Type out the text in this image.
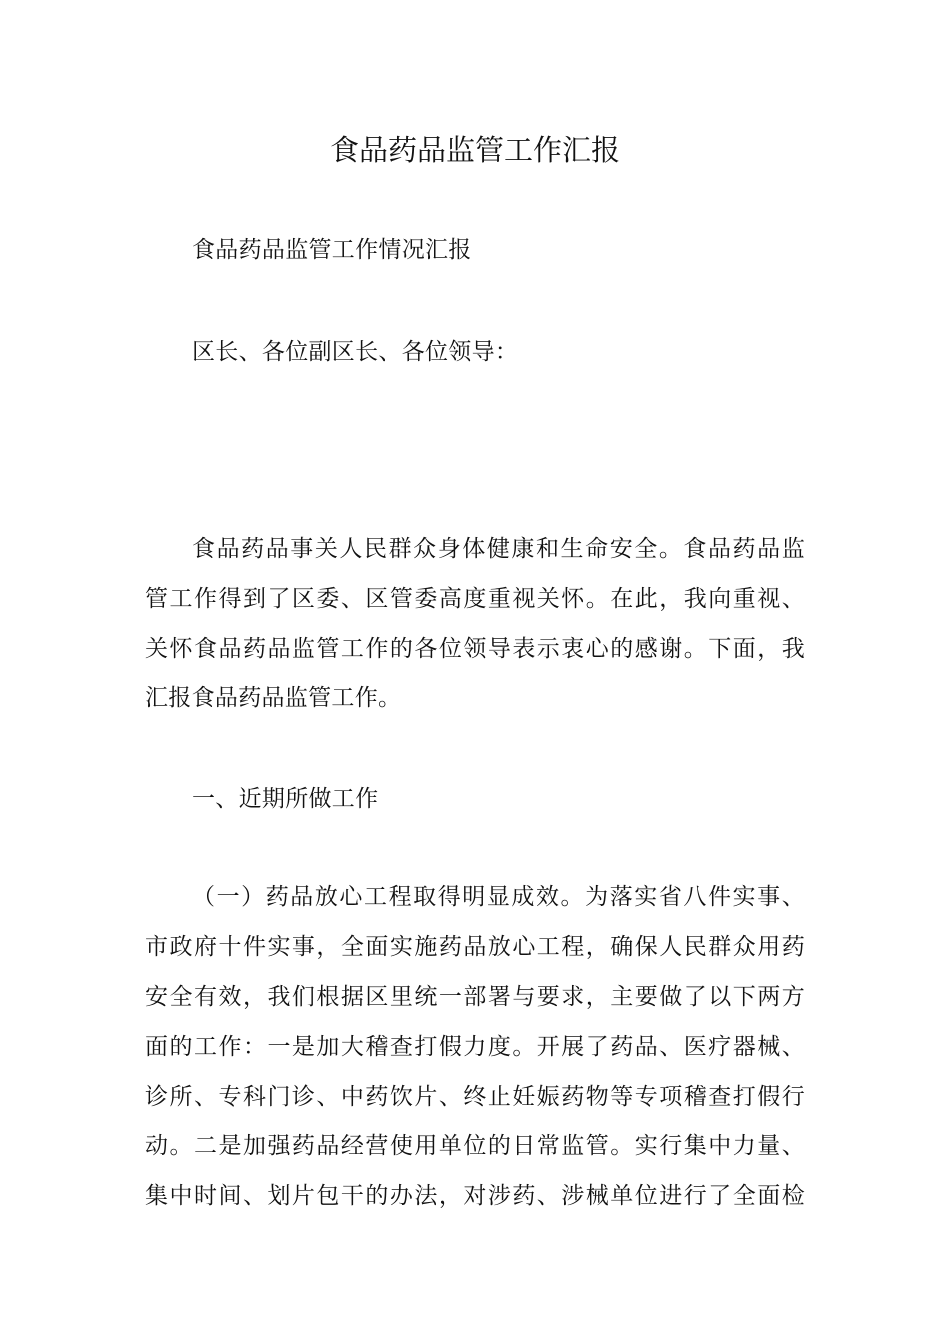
食品药品监管工作汇报
食品药品监管工作情况汇报
区长、各位副区长、各位领导：
食品药品事关人民群众身体健康和生命安全。食品药品监
管工作得到了区委、区管委高度重视关怀。在此，我向重视、
关怀食品药品监管工作的各位领导表示衷心的感谢。下面，我
汇报食品药品监管工作。
一、近期所做工作
（一）药品放心工程取得明显成效。为落实省八件实事、
市政府十件实事，全面实施药品放心工程，确保人民群众用药
安全有效，我们根据区里统一部署与要求，主要做了以下两方
面的工作：一是加大稽查打假力度。开展了药品、医疗器械、
诊所、专科门诊、中药饮片、终止妊娠药物等专项稽查打假行
动。二是加强药品经营使用单位的日常监管。实行集中力量、
集中时间、划片包干的办法，对涉药、涉械单位进行了全面检
